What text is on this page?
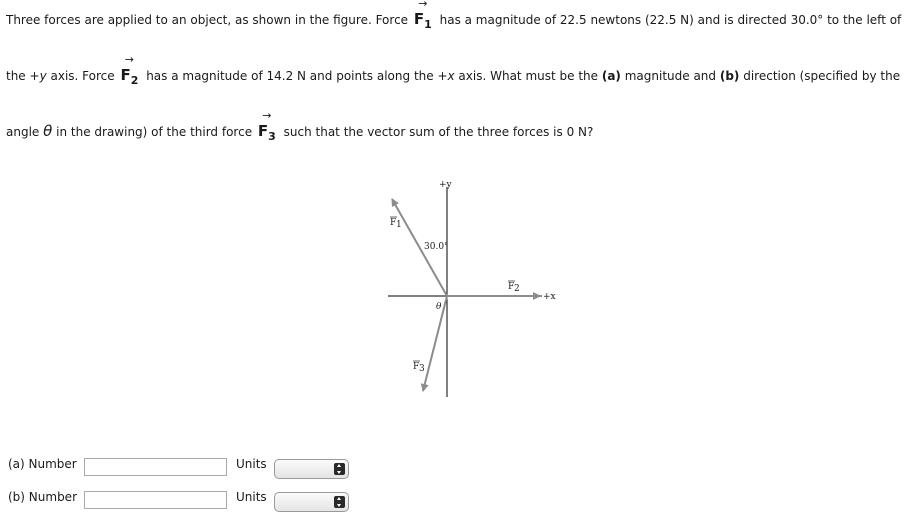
Three forces are applied to an object, as shown in the figure. Force
→
$F_1$ has a magnitude of 22.5 newtons (22.5 N) and is directed 30.0° to the left of
the +y axis. Force
→
$F_2$ has a magnitude of 14.2 N and points along the +x axis. What must be the (a) magnitude and (b) direction (specified by the
angle θ in the drawing) of the third force
→
$F_3$ such that the vector sum of the three forces is 0 N?
+y
+x
30.0°
θ
F 1
F 2
F 3
(a) Number	Units
(b) Number	Units
